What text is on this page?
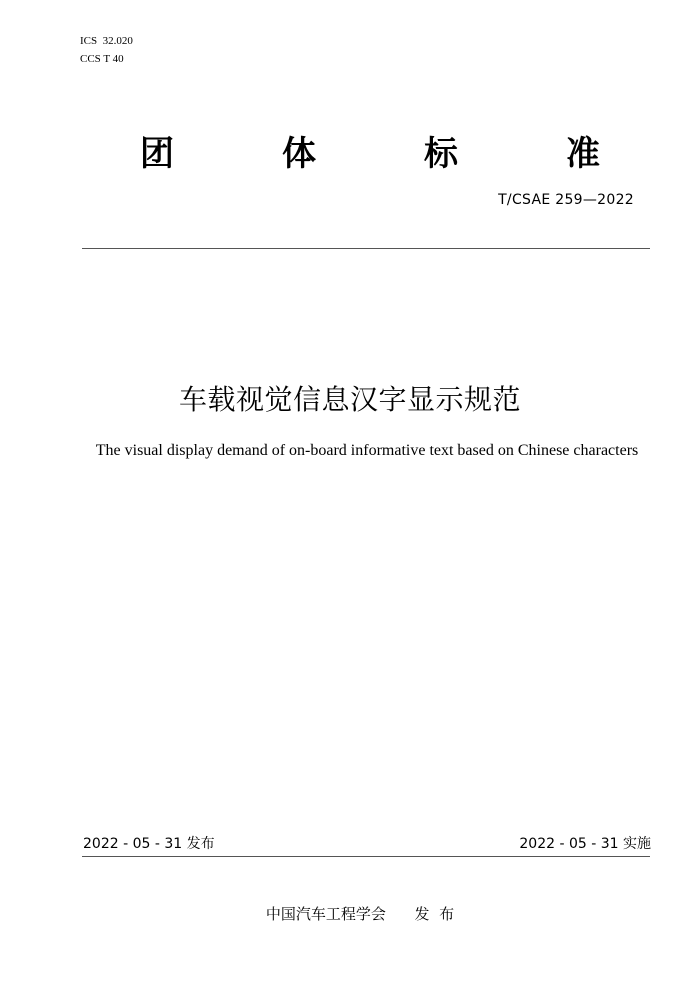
ICS  32.020
CCS T 40
团	体	标	准
T/CSAE 259—2022
车载视觉信息汉字显示规范
The visual display demand of on-board informative text based on Chinese characters
2022 - 05 - 31 发布	2022 - 05 - 31 实施
中国汽车工程学会 发  布
